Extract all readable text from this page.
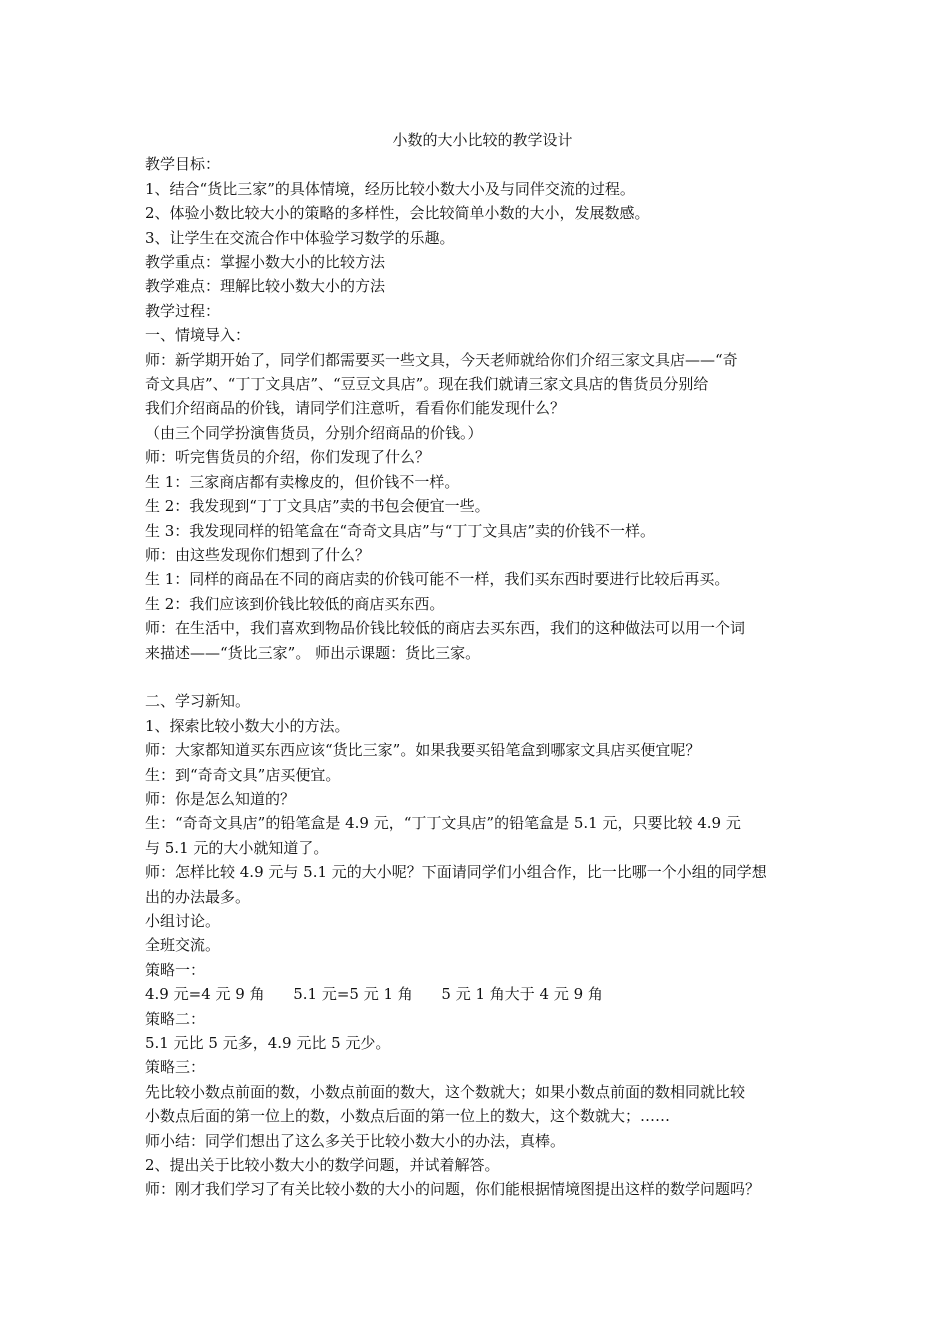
小数的大小比较的教学设计

教学目标：

1、结合“货比三家”的具体情境，经历比较小数大小及与同伴交流的过程。

2、体验小数比较大小的策略的多样性，会比较简单小数的大小，发展数感。

3、让学生在交流合作中体验学习数学的乐趣。

教学重点：掌握小数大小的比较方法

教学难点：理解比较小数大小的方法

教学过程：

一、情境导入：

师：新学期开始了，同学们都需要买一些文具，今天老师就给你们介绍三家文具店——“奇

奇文具店”、“丁丁文具店”、“豆豆文具店”。现在我们就请三家文具店的售货员分别给

我们介绍商品的价钱，请同学们注意听，看看你们能发现什么？

（由三个同学扮演售货员，分别介绍商品的价钱。）

师：听完售货员的介绍，你们发现了什么？

生 1：三家商店都有卖橡皮的，但价钱不一样。

生 2：我发现到“丁丁文具店”卖的书包会便宜一些。

生 3：我发现同样的铅笔盒在“奇奇文具店”与“丁丁文具店”卖的价钱不一样。

师：由这些发现你们想到了什么？

生 1：同样的商品在不同的商店卖的价钱可能不一样，我们买东西时要进行比较后再买。

生 2：我们应该到价钱比较低的商店买东西。

师：在生活中，我们喜欢到物品价钱比较低的商店去买东西，我们的这种做法可以用一个词

来描述——“货比三家”。 师出示课题：货比三家。

二、学习新知。

1、探索比较小数大小的方法。

师：大家都知道买东西应该“货比三家”。如果我要买铅笔盒到哪家文具店买便宜呢？

生：到“奇奇文具”店买便宜。

师：你是怎么知道的？

生：“奇奇文具店”的铅笔盒是 4.9 元，“丁丁文具店”的铅笔盒是 5.1 元，只要比较 4.9 元

与 5.1 元的大小就知道了。

师：怎样比较 4.9 元与 5.1 元的大小呢？下面请同学们小组合作，比一比哪一个小组的同学想

出的办法最多。

小组讨论。

全班交流。

策略一：

4.9 元=4 元 9 角      5.1 元=5 元 1 角      5 元 1 角大于 4 元 9 角

策略二：

5.1 元比 5 元多，4.9 元比 5 元少。

策略三：

先比较小数点前面的数，小数点前面的数大，这个数就大；如果小数点前面的数相同就比较

小数点后面的第一位上的数，小数点后面的第一位上的数大，这个数就大；……

师小结：同学们想出了这么多关于比较小数大小的办法，真棒。

2、提出关于比较小数大小的数学问题，并试着解答。

师：刚才我们学习了有关比较小数的大小的问题，你们能根据情境图提出这样的数学问题吗？
